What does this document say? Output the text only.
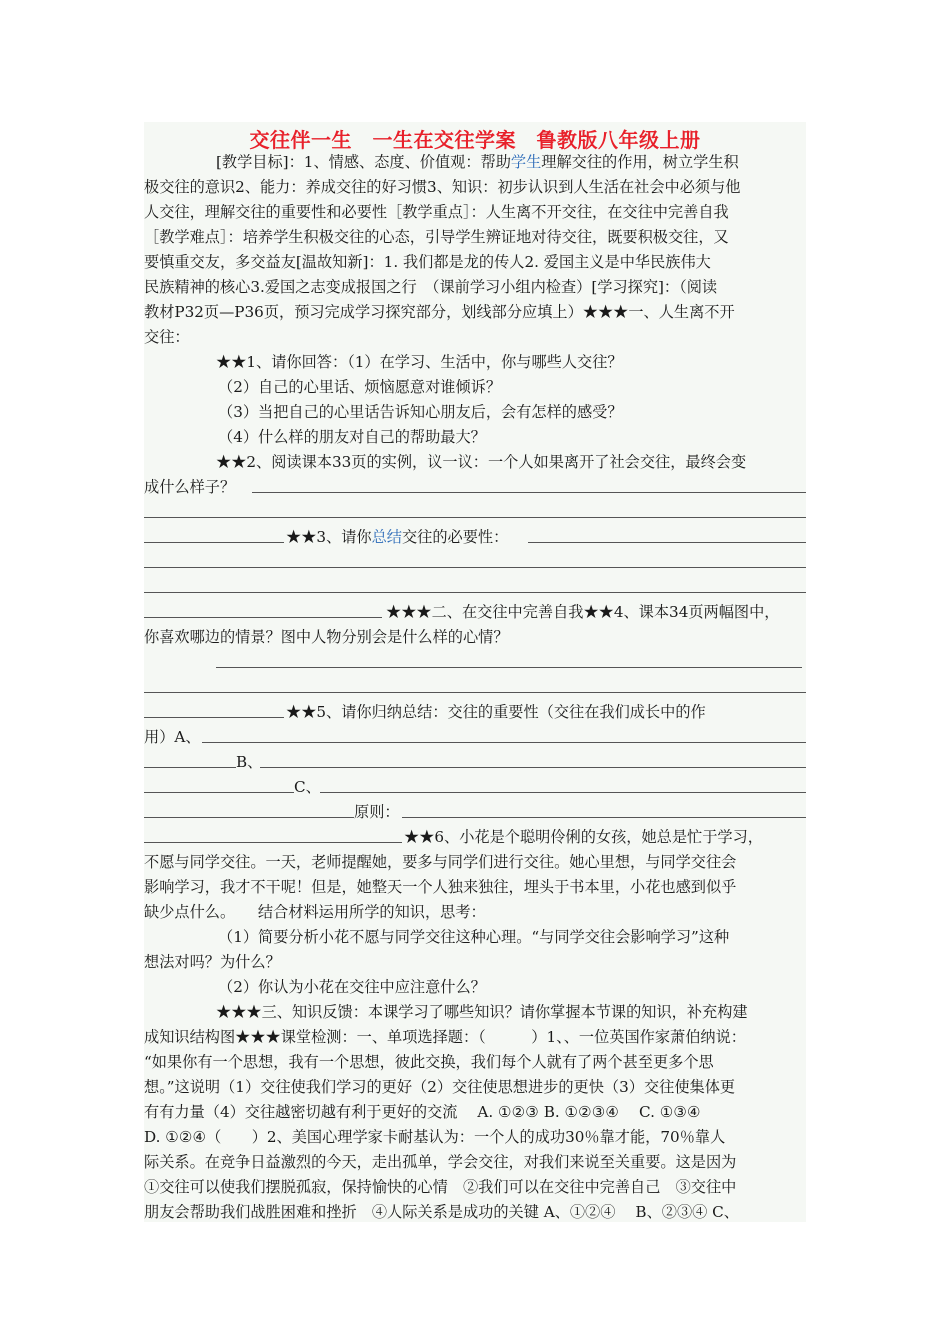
交往伴一生　一生在交往学案　鲁教版八年级上册
[教学目标]：1、情感、态度、价值观：帮助学生理解交往的作用，树立学生积
极交往的意识2、能力：养成交往的好习惯3、知识：初步认识到人生活在社会中必须与他
人交往，理解交往的重要性和必要性［教学重点］：人生离不开交往，在交往中完善自我
［教学难点］：培养学生积极交往的心态，引导学生辨证地对待交往，既要积极交往，又
要慎重交友，多交益友[温故知新]：1. 我们都是龙的传人2. 爱国主义是中华民族伟大
民族精神的核心3.爱国之志变成报国之行　（课前学习小组内检查）[学习探究]：（阅读
教材P32页—P36页，预习完成学习探究部分，划线部分应填上）★★★一、人生离不开
交往：
★★1、请你回答：（1）在学习、生活中，你与哪些人交往？
（2）自己的心里话、烦恼愿意对谁倾诉？
（3）当把自己的心里话告诉知心朋友后，会有怎样的感受？
（4）什么样的朋友对自己的帮助最大？
★★2、阅读课本33页的实例，议一议：一个人如果离开了社会交往，最终会变
成什么样子？
★★3、请你总结交往的必要性：
★★★二、在交往中完善自我★★4、课本34页两幅图中，
你喜欢哪边的情景？图中人物分别会是什么样的心情？
★★5、请你归纳总结：交往的重要性（交往在我们成长中的作
用）A、
B、
C、
原则：
★★6、小花是个聪明伶俐的女孩，她总是忙于学习，
不愿与同学交往。一天，老师提醒她，要多与同学们进行交往。她心里想，与同学交往会
影响学习，我才不干呢！但是，她整天一个人独来独往，埋头于书本里，小花也感到似乎
缺少点什么。　　结合材料运用所学的知识，思考：
（1）简要分析小花不愿与同学交往这种心理。“与同学交往会影响学习”这种
想法对吗？为什么？
（2）你认为小花在交往中应注意什么？
★★★三、知识反馈：本课学习了哪些知识？请你掌握本节课的知识，补充构建
成知识结构图★★★课堂检测：一、单项选择题：（　　　）1、、一位英国作家萧伯纳说：
“如果你有一个思想，我有一个思想，彼此交换，我们每个人就有了两个甚至更多个思
想。”这说明（1）交往使我们学习的更好（2）交往使思想进步的更快（3）交往使集体更
有有力量（4）交往越密切越有利于更好的交流　 A. ①②③ B. ①②③④　 C. ①③④
D. ①②④（　　）2、美国心理学家卡耐基认为：一个人的成功30％靠才能，70％靠人
际关系。在竞争日益激烈的今天，走出孤单，学会交往，对我们来说至关重要。这是因为
①交往可以使我们摆脱孤寂，保持愉快的心情　②我们可以在交往中完善自己　③交往中
朋友会帮助我们战胜困难和挫折　④人际关系是成功的关键 A、①②④　 B、②③④ C、
